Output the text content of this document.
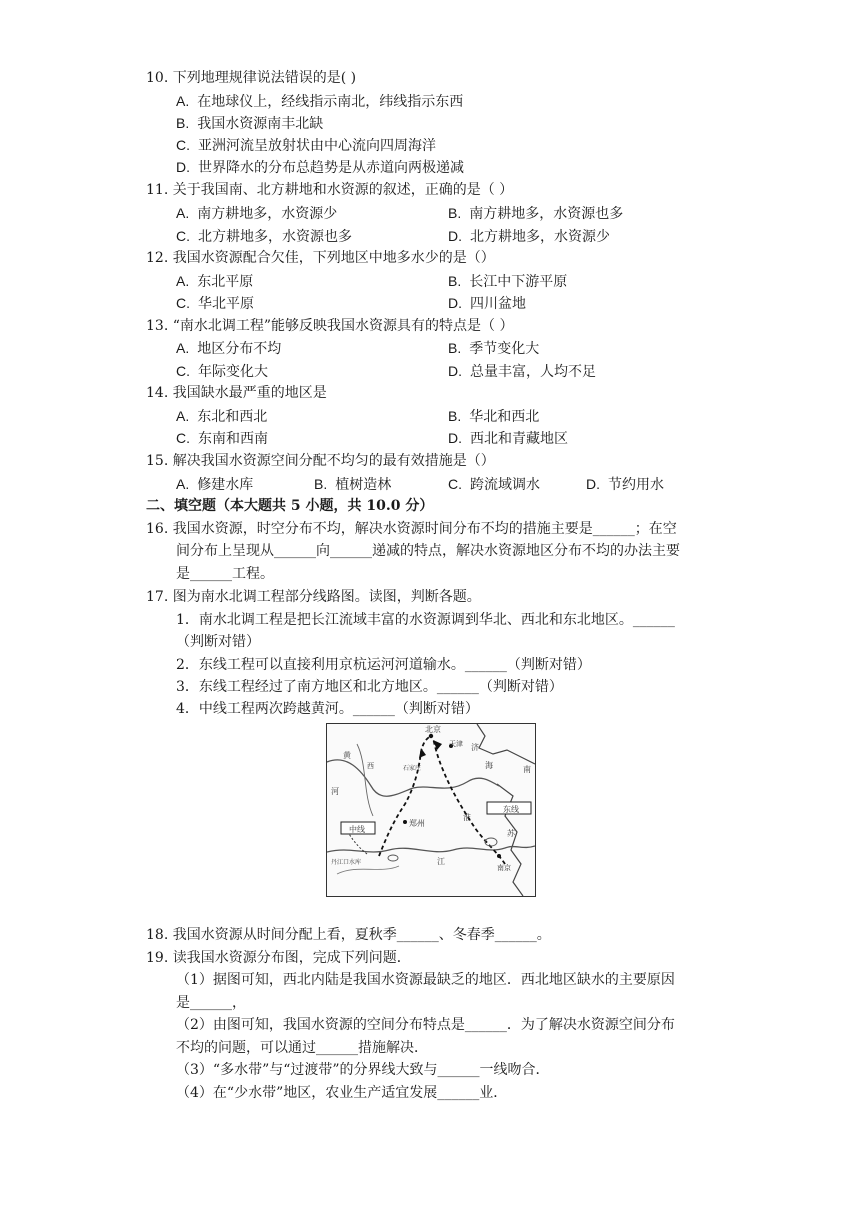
10. 下列地理规律说法错误的是( )
A. 在地球仪上，经线指示南北，纬线指示东西
B. 我国水资源南丰北缺
C. 亚洲河流呈放射状由中心流向四周海洋
D. 世界降水的分布总趋势是从赤道向两极递减
11. 关于我国南、北方耕地和水资源的叙述，正确的是（ ）
A. 南方耕地多，水资源少	B. 南方耕地多，水资源也多
C. 北方耕地多，水资源也多	D. 北方耕地多，水资源少
12. 我国水资源配合欠佳，下列地区中地多水少的是（）
A. 东北平原	B. 长江中下游平原
C. 华北平原	D. 四川盆地
13. “南水北调工程”能够反映我国水资源具有的特点是（ ）
A. 地区分布不均	B. 季节变化大
C. 年际变化大	D. 总量丰富，人均不足
14. 我国缺水最严重的地区是
A. 东北和西北	B. 华北和西北
C. 东南和西南	D. 西北和青藏地区
15. 解决我国水资源空间分配不均匀的最有效措施是（）
A. 修建水库	B. 植树造林	C. 跨流域调水	D. 节约用水
二、填空题（本大题共 5 小题，共 10.0 分）
16. 我国水资源，时空分布不均，解决水资源时间分布不均的措施主要是______；在空
间分布上呈现从______向______递减的特点，解决水资源地区分布不均的办法主要
是______工程。
17. 图为南水北调工程部分线路图。读图，判断各题。
1．南水北调工程是把长江流域丰富的水资源调到华北、西北和东北地区。______
（判断对错）
2．东线工程可以直接利用京杭运河河道输水。______（判断对错）
3．东线工程经过了南方地区和北方地区。______（判断对错）
4．中线工程两次跨越黄河。______（判断对错）
北京
天津
郑州
中线
东线
河
黄
海
淮
江
苏
济
南
西	石家庄
丹江口水库
南京
18. 我国水资源从时间分配上看，夏秋季______、冬春季______。
19. 读我国水资源分布图，完成下列问题．
（1）据图可知，西北内陆是我国水资源最缺乏的地区．西北地区缺水的主要原因
是______，
（2）由图可知，我国水资源的空间分布特点是______．为了解决水资源空间分布
不均的问题，可以通过______措施解决．
（3）“多水带”与“过渡带”的分界线大致与______一线吻合．
（4）在“少水带”地区，农业生产适宜发展______业．
